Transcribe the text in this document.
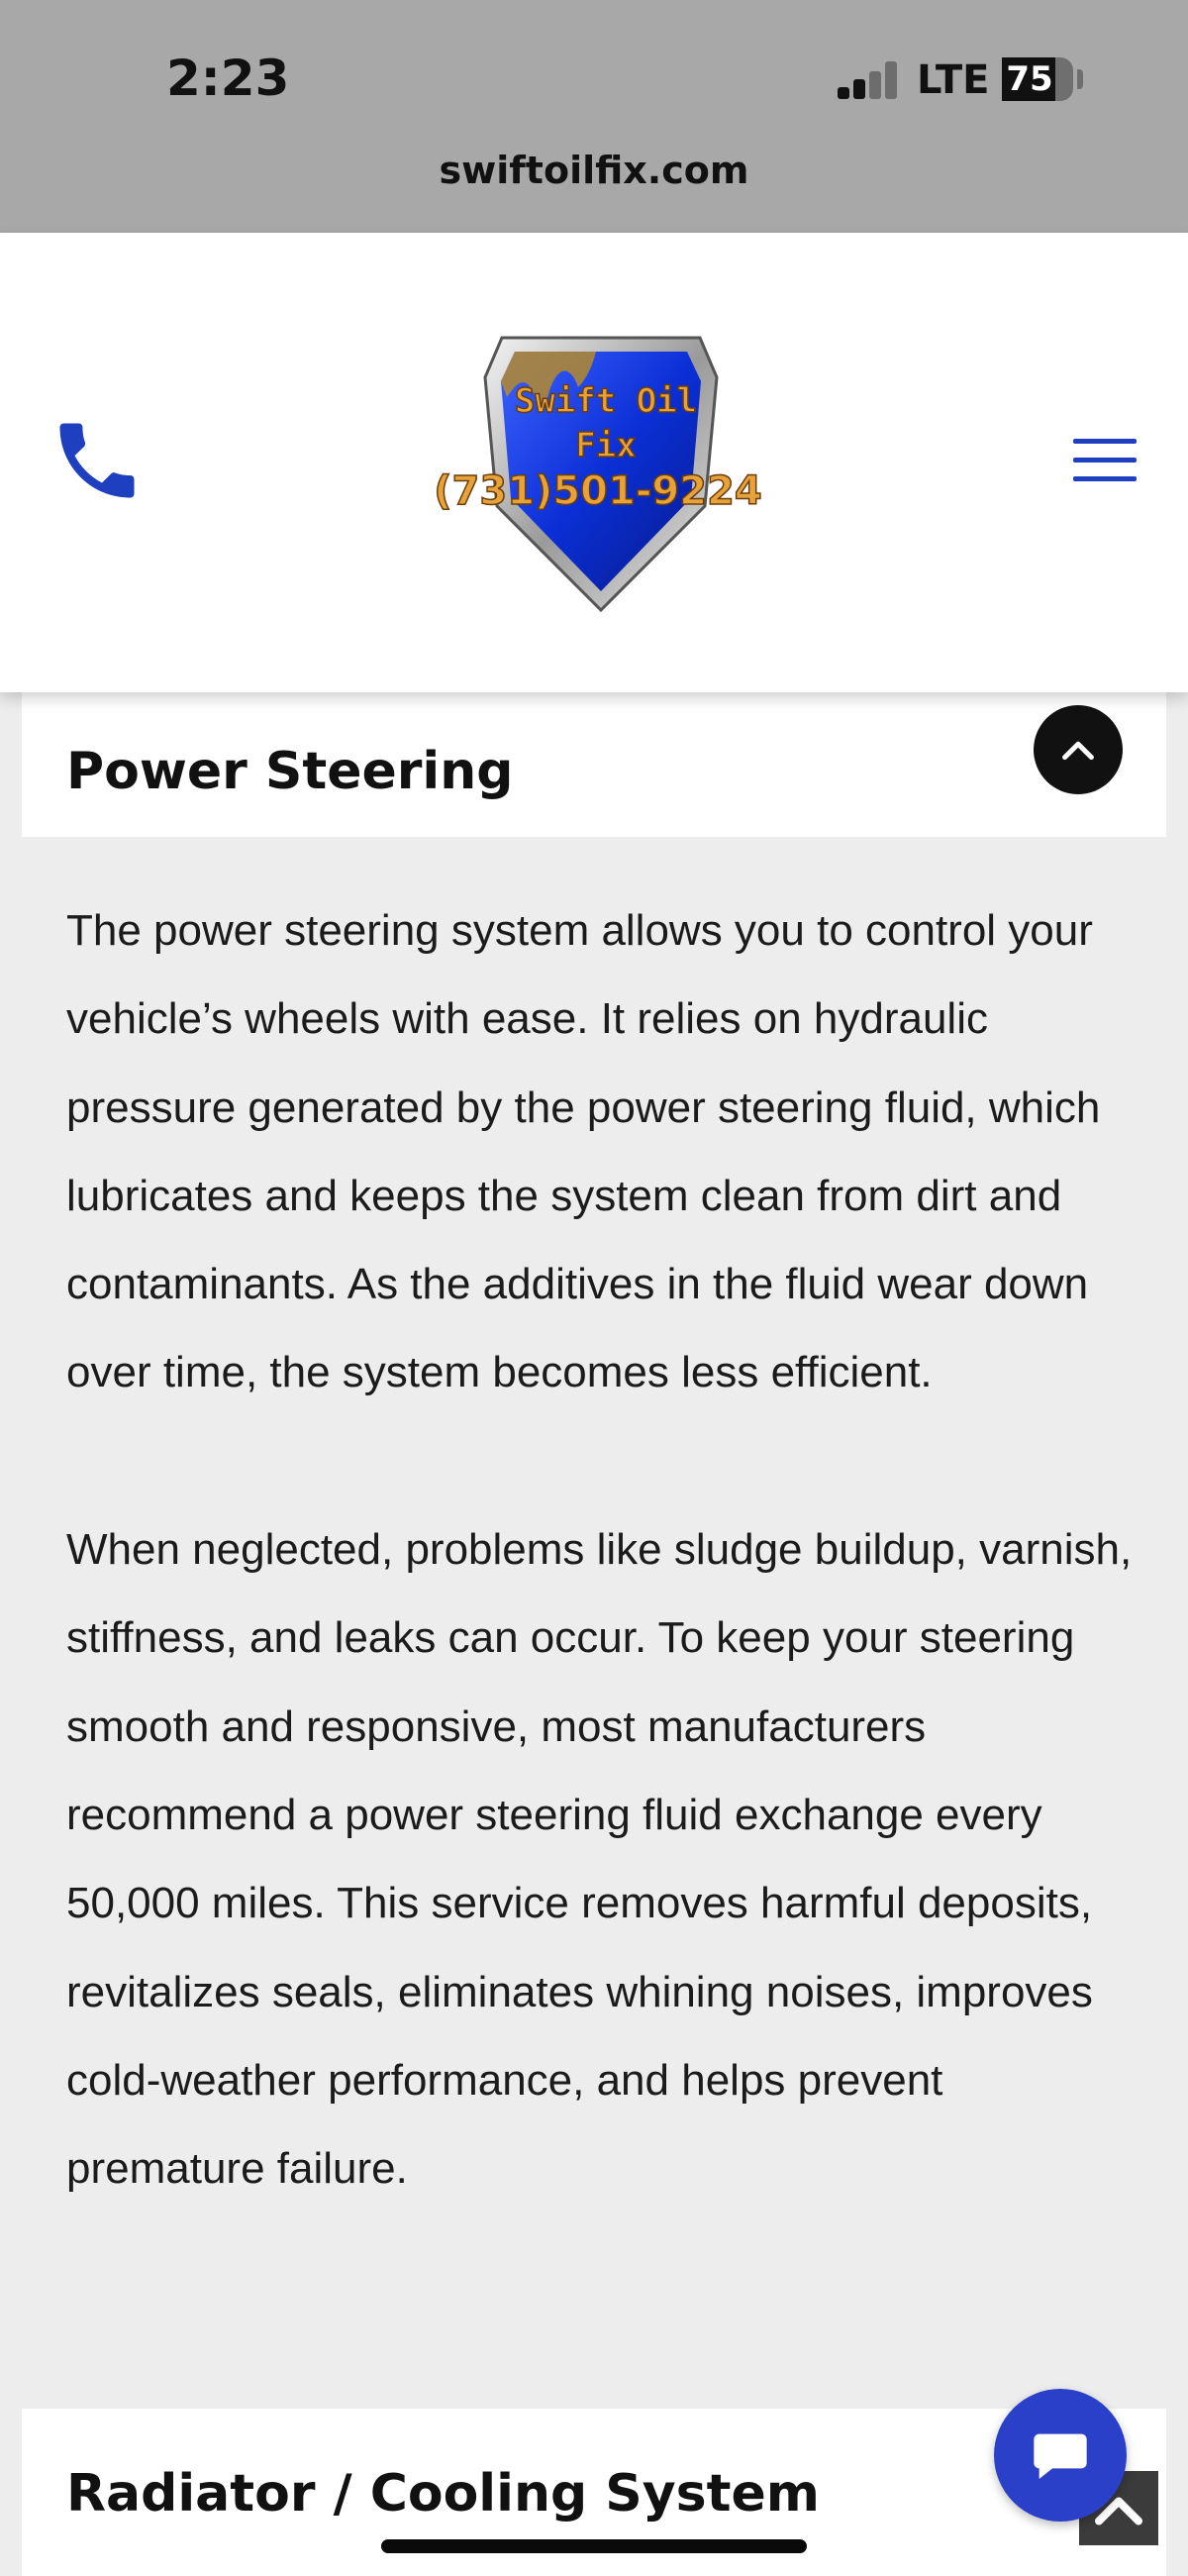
2:23	LTE 75
swiftoilfix.com
Swift Oil
Fix
(731)501-9224
Power Steering

The power steering system allows you to control your vehicle’s wheels with ease. It relies on hydraulic pressure generated by the power steering fluid, which lubricates and keeps the system clean from dirt and contaminants. As the additives in the fluid wear down over time, the system becomes less efficient.

When neglected, problems like sludge buildup, varnish, stiffness, and leaks can occur. To keep your steering smooth and responsive, most manufacturers recommend a power steering fluid exchange every 50,000 miles. This service removes harmful deposits, revitalizes seals, eliminates whining noises, improves cold-weather performance, and helps prevent premature failure.

Radiator / Cooling System
